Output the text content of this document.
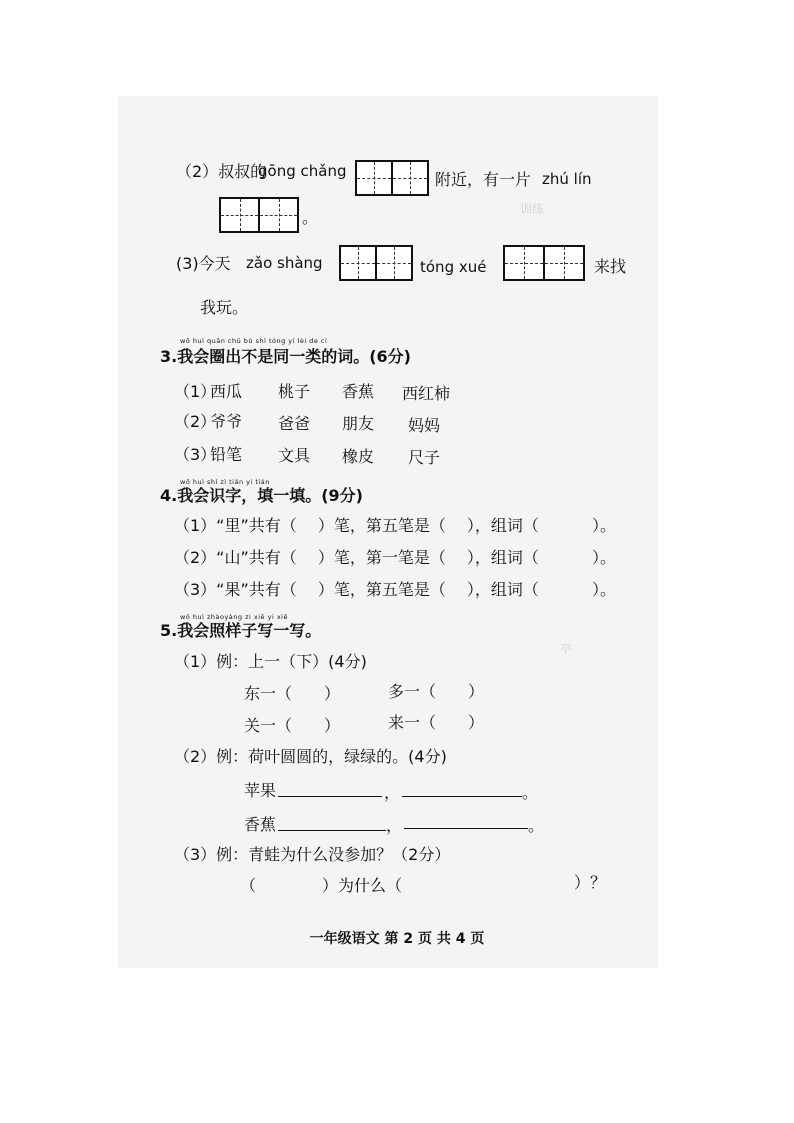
训练
亭
（2）叔叔的
gōng chǎng	附近，有一片 zhú lín
。
(3)今天 zǎo shàng	tóng xué	来找
我玩。
wǒ huì quān chū bù shì tóng yí lèi de cí
3.我会圈出不是同一类的词。(6分)
（1）
西瓜 桃子 香蕉 西红柿
（2）
爷爷 爸爸 朋友 妈妈
（3）
铅笔 文具 橡皮 尺子
wǒ huì shí zì tián yi tián
4.我会识字，填一填。(9分)
（1）“里”共有（　 ）笔，第五笔是（　 ），组词（　　　 ）。
（2）“山”共有（　 ）笔，第一笔是（　 ），组词（　　　 ）。
（3）“果”共有（　 ）笔，第五笔是（　 ），组词（　　　 ）。
wǒ huì zhàoyàng zi xiě yi xiě
5.我会照样子写一写。
（1）例：上一（下）(4分)
东一（　　）	多一（　　）
关一（　　）	来一（　　）
（2）例：荷叶圆圆的，绿绿的。(4分)
苹果	，	。
香蕉	，	。
（3）例：青蛙为什么没参加？（2分）
（	）为什么（	）？
一年级语文 第 2 页 共 4 页
